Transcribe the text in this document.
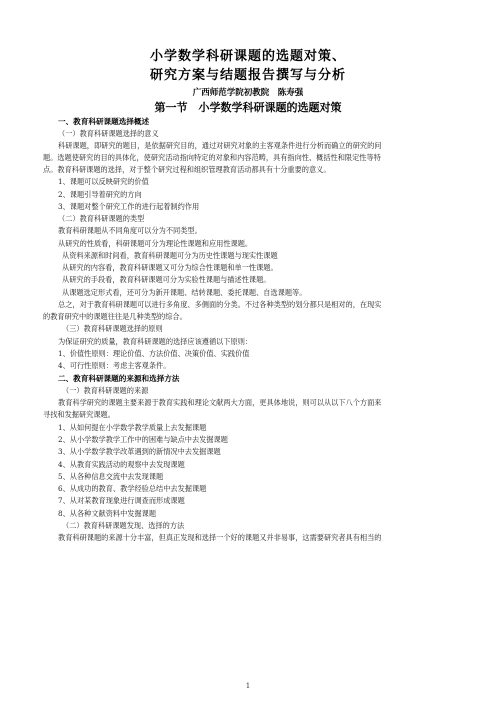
小学数学科研课题的选题对策、
研究方案与结题报告撰写与分析
广西师范学院初教院　陈寿强
第一节　小学数学科研课题的选题对策
一、教育科研课题选择概述
（一）教育科研课题选择的意义
科研课题，即研究的题目，是依据研究目的，通过对研究对象的主客观条件进行分析而确立的研究的问
题。选题使研究的目的具体化，使研究活动指向特定的对象和内容范畴，具有指向性、概括性和限定性等特
点。教育科研课题的选择，对于整个研究过程和组织管理教育活动都具有十分重要的意义。
1、课题可以反映研究的价值
2、课题引导着研究的方向
3、课题对整个研究工作的进行起着制约作用
（二）教育科研课题的类型
教育科研课题从不同角度可以分为不同类型。
从研究的性质看，科研课题可分为理论性课题和应用性课题。
从资料来源和时间看，教育科研课题可分为历史性课题与现实性课题
从研究的内容看，教育科研课题又可分为综合性课题和单一性课题。
从研究的手段看，教育科研课题可分为实验性课题与描述性课题。
从课题选定形式看，还可分为新开课题、结转课题、委托课题、自选课题等。
总之，对于教育科研课题可以进行多角度、多侧面的分类。不过各种类型的划分都只是相对的，在现实
的教育研究中的课题往往是几种类型的综合。
（三）教育科研课题选择的原则
为保证研究的质量，教育科研课题的选择应该遵循以下原则：
1、价值性原则：理论价值、方法价值、决策价值、实践价值
4、可行性原则：考虑主客观条件。
二、教育科研课题的来源和选择方法
（一）教育科研课题的来源
教育科学研究的课题主要来源于教育实践和理论文献两大方面，更具体地说，则可以从以下八个方面来
寻找和发掘研究课题。
1、从如何提在小学数学教学质量上去发掘课题
2、从小学数学教学工作中的困难与缺点中去发掘课题
3、从小学数学教学改革遇到的新情况中去发掘课题
4、从教育实践活动的观察中去发现课题
5、从各种信息交流中去发现课题
6、从成功的教育、教学经验总结中去发掘课题
7、从对某教育现象进行调查而形成课题
8、从各种文献资料中发掘课题
（二）教育科研课题发现、选择的方法
教育科研课题的来源十分丰富，但真正发现和选择一个好的课题又并非易事，这需要研究者具有相当的
1
